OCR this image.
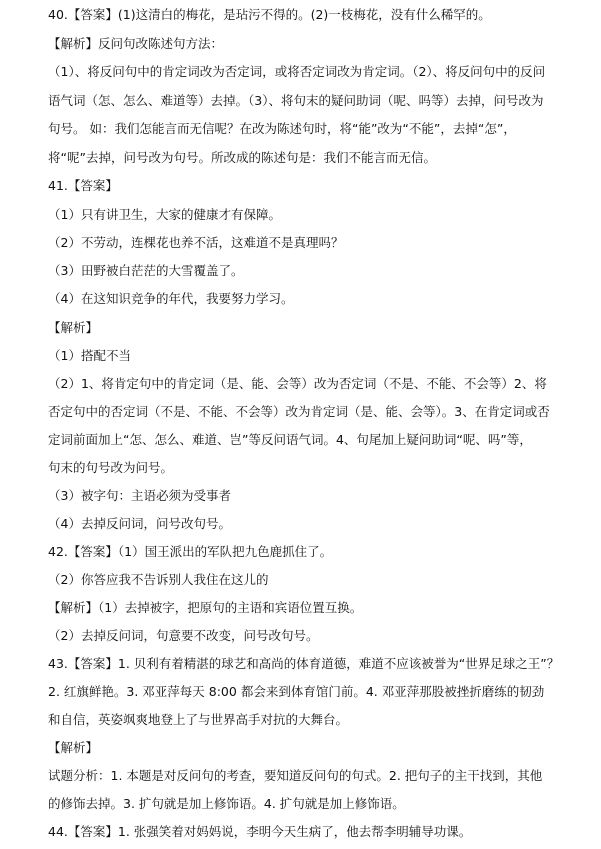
40.【答案】(1)这清白的梅花，是玷污不得的。(2)一枝梅花，没有什么稀罕的。
【解析】反问句改陈述句方法：
（1）、将反问句中的肯定词改为否定词，或将否定词改为肯定词。（2）、将反问句中的反问
语气词（怎、怎么、难道等）去掉。（3）、将句末的疑问助词（呢、吗等）去掉，问号改为
句号。 如：我们怎能言而无信呢？在改为陈述句时，将“能”改为“不能”，去掉“怎”，
将“呢”去掉，问号改为句号。所改成的陈述句是：我们不能言而无信。
41.【答案】
（1）只有讲卫生，大家的健康才有保障。
（2）不劳动，连棵花也养不活，这难道不是真理吗？
（3）田野被白茫茫的大雪覆盖了。
（4）在这知识竞争的年代，我要努力学习。
【解析】
（1）搭配不当
（2）1、将肯定句中的肯定词（是、能、会等）改为否定词（不是、不能、不会等）2、将
否定句中的否定词（不是、不能、不会等）改为肯定词（是、能、会等）。3、在肯定词或否
定词前面加上“怎、怎么、难道、岂”等反问语气词。4、句尾加上疑问助词“呢、吗”等，
句末的句号改为问号。
（3）被字句：主语必须为受事者
（4）去掉反问词，问号改句号。
42.【答案】（1）国王派出的军队把九色鹿抓住了。
（2）你答应我不告诉别人我住在这儿的
【解析】（1）去掉被字，把原句的主语和宾语位置互换。
（2）去掉反问词，句意要不改变，问号改句号。
43.【答案】1. 贝利有着精湛的球艺和高尚的体育道德，难道不应该被誉为“世界足球之王”？
2. 红旗鲜艳。3. 邓亚萍每天 8:00 都会来到体育馆门前。4. 邓亚萍那股被挫折磨练的韧劲
和自信，英姿飒爽地登上了与世界高手对抗的大舞台。
【解析】
试题分析：1. 本题是对反问句的考查，要知道反问句的句式。2. 把句子的主干找到，其他
的修饰去掉。3. 扩句就是加上修饰语。4. 扩句就是加上修饰语。
44.【答案】1. 张强笑着对妈妈说，李明今天生病了，他去帮李明辅导功课。
